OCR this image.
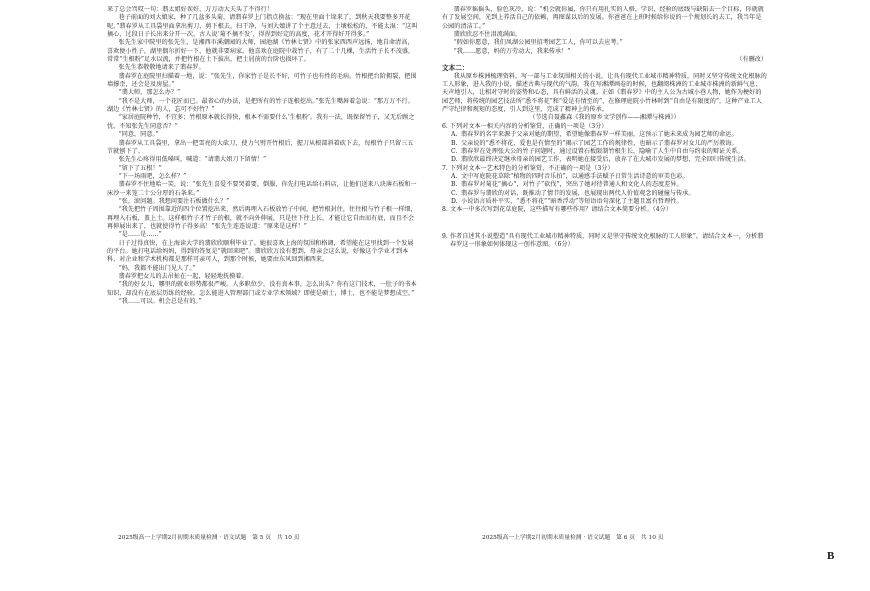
来了总会骂哎一句：翡太姐好诶好，万万动大夫头了不得行！

巷子前面的刘大娘家，种了几盆多头菊，请翡春罗上门指点换盆：“现在里面十垛来了，到秋天我要整多开花呢。”翡春罗从工具袋里面拿出剪刀，剪下根去，扫干净，与刘大娘讲了个主意过去，土壤松松的，不能太湿：“这叫摘心，过段日子长出来分开一次，古人说‘菊不摘不发’，得捏到好定的高度，花才开得好开得多。”

张先生家中院里的张先生，是湘西市溪潮园的大师，园池湖《竹林七贤》中的张家西西声远扬，地自命清高，喜欢便小性子，湖里偶尔折好一下，他就非要病家。他喜欢在庭院中栽竹子，有了二十几棵，生活竹子长不茂盛，常常“生根粉”足水以流，并把竹根在土下拔出，把土屑前的台阶也损坏了。

张先生恭敬敬地请来了翡春罗。

翡春罗在庭院里扫描着一地，说：“张先生，你家竹子是长不好，可竹子也有性的毛病。竹根把台阶拥裂，把围墙撑歪，还会是及房屋。”

“翡大师，那怎么办？”

“我不是大师，一个花匠而已。最省心的办法，是把所有的竹子连根挖出。”张先生嘴唇着急说：“那万万不行。湖边《竹林七贤》的人，忘可不好竹？”

“家居庭院种竹，不宜多；竹根原本就长得快，根本不需要什么‘生根粉’。我有一法，既保留竹子，又无后顾之忧，不知张先生同意否？”

“同意，同意。”

翡春罗从工具袋里，拿出一把雪亮的大砍刀，使力气劈开竹根后，握刀从根部斜着砍下去，每根竹子只留三五节就刨下了。

张先生心疼得用低嗓叫，喊道：“请翡大姐刀下留情！”

“留下了五根！”

“下一场雨吧，怎么样？”

翡春罗不住地哈一笑，说：“张先生喜爱不要哭着要，倒服，你先打电话给石料店，让他们送来八块薄石板和一床沙一来笼二十公分厚的石条来。”

“张，滚问题。我想问要注石板做什么？”

“我先把竹子周围靠近的四个位置挖出来，然后再埋入石板放竹子中间，把竹根封住，往往根与竹子根一样细，再埋入石板，盖上土。这样根竹子才竹子的根，就不向外伸展，只是往下往上长，才能让它自由而有底，而且不会再伸展出来了，也就使得竹子得多高！”张先生连连说道：“原来是这样！”

“是……是……”

日子过得真快，在上海读大学的翡欣欣顺利毕业了。她很喜欢上海的氛围和格调，希望能在这里找到一个发展的平台。她打电话给妈妈，得到的答复是“就回来吧”。翡欣欣万没有想到，母亲会这么说，好像这个学业才到本科，对企业和学术机构都是那样可亲可人，到那个时候，她要由东风回到湘西来。

“妈，我都不能出门见人了。”

翡春罗把女儿的去吊扯在一起，轻轻地抚摸着。

“我的好女儿，哪里的就业形势都很严峻。人多职位少，没有真本事，怎么出头？你有这门技术，一肚子的书本知识，却没有在底层历练的经验，怎么能进入管理部门或专业学术领域？即使是硕士，博士，也不能是梦想成空。”

“我……可以。机会总是有的。”

2025级高一上学期2月初期末质量检测 · 语文试题　第 5 页　共 10 页

翡春罗摇摇头，脸色灰冷，说：“机会就你属，你只有用扎实的人格，学识、经验的底线与缺陷去一个目标，你就就有了发展空间，光到上养活自己的依赖，再图谋以后的发展。你爸爸在上班时候给你说的一个规划长的去工，我当年是公园的清洁工。”

翡欣欣忍不住泪流满面。

“假如你愿意，我们凤湖公园里招考园艺工人，你可以去应考。”

“我……愿意，妈的万劳动大，我来传承！”

（有删改）

文本二：

我从原乡株洲梳理资料，写一部与工业氛围相关的小说，让具有现代工业城市精神特质，同时又坚守传统文化根脉的工人形象，进入我的小说，描述古典与现代的气韵。我在写湘潭画卷的时候，也翻阅株洲的工业城市株洲的新鲜气息，天声地引人，让相对守时的姿势和心态，具有鲜活的灵魂。正如《翡春罗》中的主人公为古城小巷人物，她作为梗好的园艺师，将传统的园艺技法所“悉不将花”和“爱是有情至的”，在修理庭院小竹林时到“自由是有限度的”，这种产业工人严守纪律和规矩的态度，引人到这里，完成了精神上的传承。

（节选自聂鑫森《我的原乡文学创作——湘潭与株洲》）

6. 下列对文本一相关内容的分析鉴赏，正确的一项是（3分）

A. 翡春罗的名字来源于父亲对她的期望，希望她像翡春罗一样美丽，这预示了她未来成为园艺师的命运。

B. 父亲说的“悉不将花，爱也是有情至的”揭示了园艺工作的规律性，也暗示了翡春罗对女儿的严厉教诲。

C. 翡春罗在处理张大公的竹子问题时，通过设置石板限制竹根生长，隐喻了人生中自由与约束的辩证关系。

D. 翡欣欣最终决定继承母亲的园艺工作，表明她在接受后，放弃了在大城市发展的梦想，完全回归传统生活。

7. 下列对文本一艺术特色的分析鉴赏，不正确的一项是（3分）

A. 文中写庭院花草除“植物的四时音乐拍”，以通感手法赋予日常生活诗意的审美色彩。

B. 翡春罗对菊花“摘心”，对竹子“砍伐”，突出了她对待普通人和文化人的态度差异。

C. 翡春罗与翡欣的对话，既推动了情节的发展，也展现出两代人价值观念的碰撞与传承。

D. 小说语言质朴平实，“悉不将花”“暗香浮动”等短语语句深化了主题且富有哲理性。

8. 文本一中多次写到花草庭院，这些描写有哪些作用？请结合文本简要分析。（4分）

9. 作者自述其小说塑造“具有现代工业城市精神特质，同时又是坚守传统文化根脉的工人形象”。请结合文本一，分析翡春罗这一形象如何体现这一创作意图。（6分）

2025级高一上学期2月初期末质量检测 · 语文试题　第 6 页　共 10 页
B
